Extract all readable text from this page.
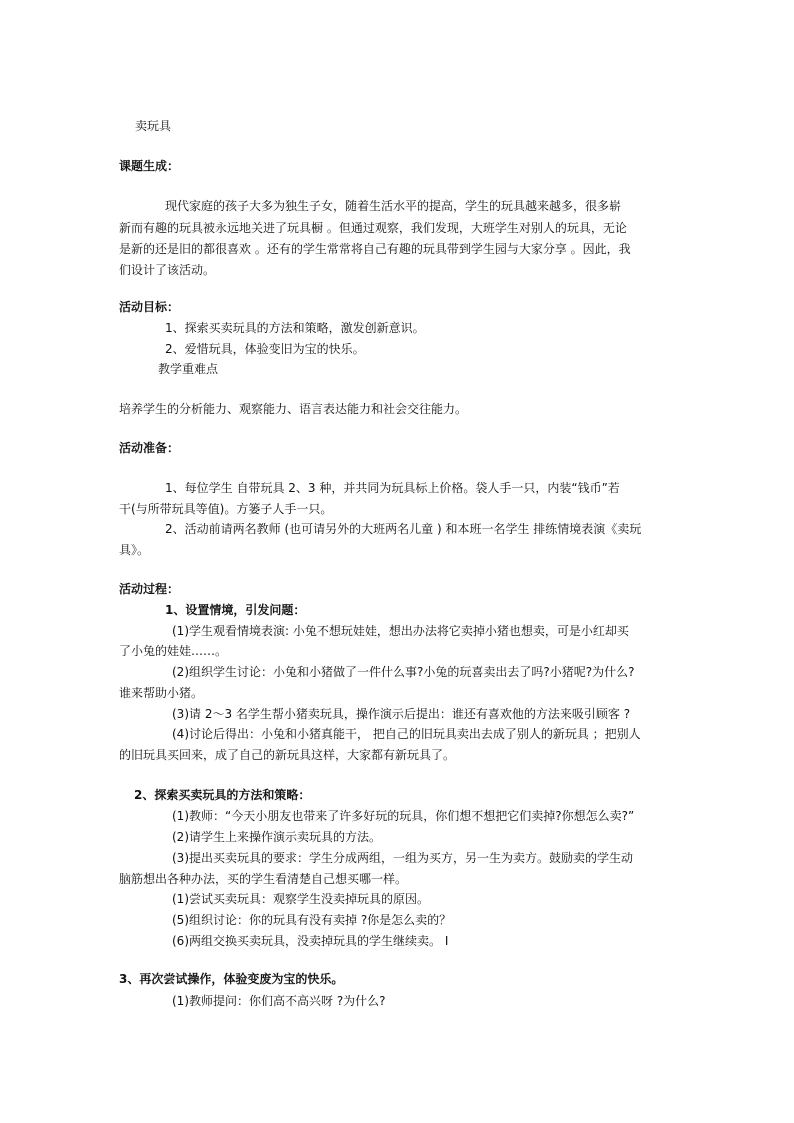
卖玩具
课题生成：
现代家庭的孩子大多为独生子女，随着生活水平的提高，学生的玩具越来越多，很多崭
新而有趣的玩具被永远地关进了玩具橱 。但通过观察，我们发现，大班学生对别人的玩具，无论
是新的还是旧的都很喜欢 。还有的学生常常将自己有趣的玩具带到学生园与大家分享 。因此，我
们设计了该活动。
活动目标：
1、探索买卖玩具的方法和策略，激发创新意识。
2、爱惜玩具，体验变旧为宝的快乐。
教学重难点
培养学生的分析能力、观察能力、语言表达能力和社会交往能力。
活动准备：
1、每位学生 自带玩具 2、3 种，并共同为玩具标上价格。袋人手一只，内装“钱币”若
干(与所带玩具等值)。方篓子人手一只。
2、活动前请两名教师 (也可请另外的大班两名儿童 ) 和本班一名学生 排练情境表演《卖玩
具》。
活动过程：
1、设置情境，引发问题：
(1)学生观看情境表演: 小兔不想玩娃娃，想出办法将它卖掉小猪也想卖，可是小红却买
了小兔的娃娃……。
(2)组织学生讨论：小兔和小猪做了一件什么事?小兔的玩喜卖出去了吗?小猪呢?为什么?
谁来帮助小猪。
(3)请 2～3 名学生帮小猪卖玩具，操作演示后提出：谁还有喜欢他的方法来吸引顾客 ?
(4)讨论后得出：小兔和小猪真能干， 把自己的旧玩具卖出去成了别人的新玩具 ；把别人
的旧玩具买回来，成了自己的新玩具这样，大家都有新玩具了。
2、探索买卖玩具的方法和策略：
(1)教师：“今天小朋友也带来了许多好玩的玩具，你们想不想把它们卖掉?你想怎么卖?”
(2)请学生上来操作演示卖玩具的方法。
(3)提出买卖玩具的要求：学生分成两组，一组为买方，另一生为卖方。鼓励卖的学生动
脑筋想出各种办法，买的学生看清楚自己想买哪一样。
(1)尝试买卖玩具：观察学生没卖掉玩具的原因。
(5)组织讨论：你的玩具有没有卖掉 ?你是怎么卖的？
(6)两组交换买卖玩具，没卖掉玩具的学生继续卖。 I
3、再次尝试操作，体验变废为宝的快乐。
(1)教师提问：你们高不高兴呀 ?为什么?
